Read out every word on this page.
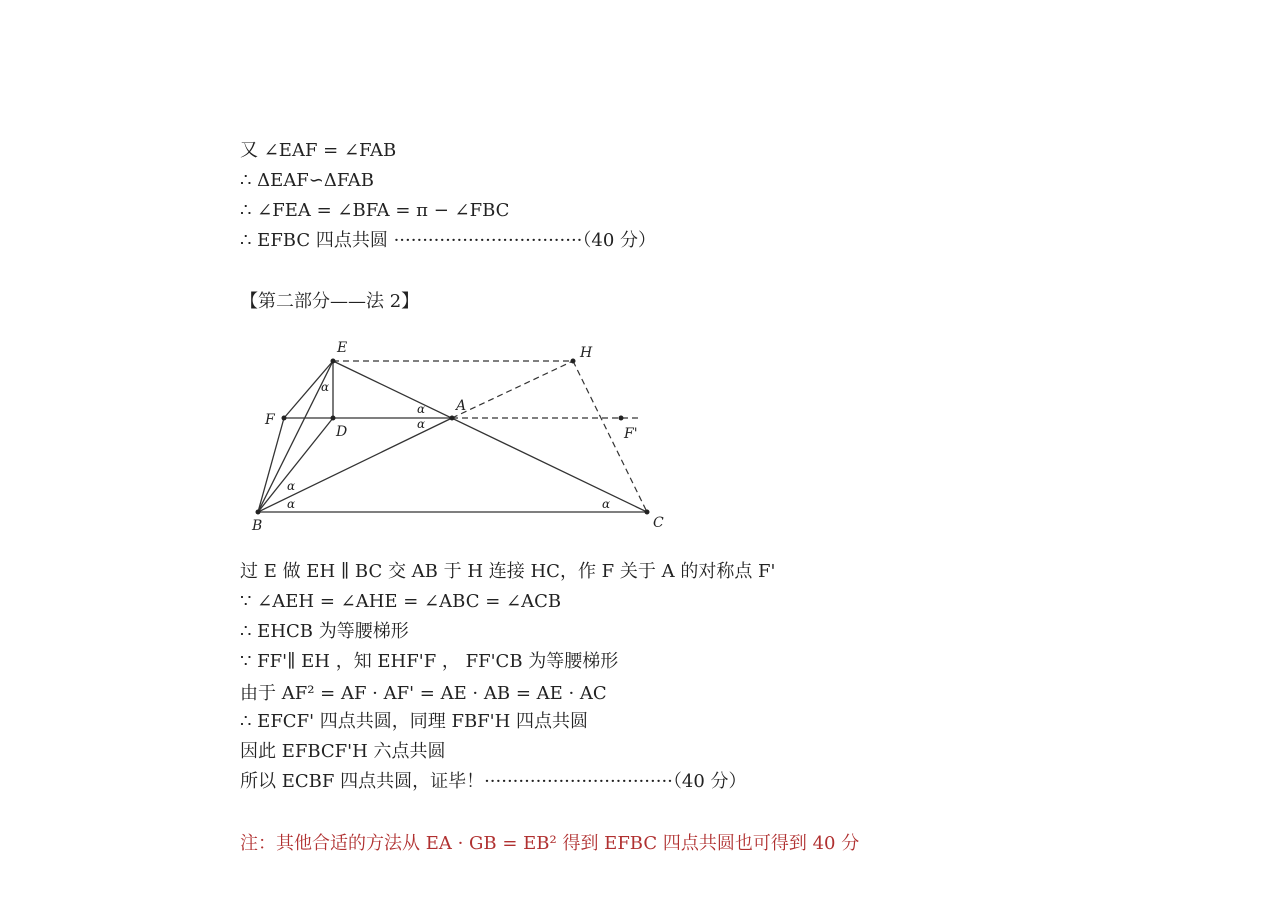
又 ∠EAF = ∠FAB
∴ ΔEAF∽ΔFAB
∴ ∠FEA = ∠BFA = π − ∠FBC
∴ EFBC 四点共圆 ·································（40 分）
【第二部分——法 2】
E	H
F
D
A
F'
B	C
α
α
α
α
α	α
过 E 做 EH ∥ BC 交 AB 于 H 连接 HC，作 F 关于 A 的对称点 F'
∵ ∠AEH = ∠AHE = ∠ABC = ∠ACB
∴ EHCB 为等腰梯形
∵ FF'∥ EH ，知 EHF'F ， FF'CB 为等腰梯形
由于 AF² = AF · AF' = AE · AB = AE · AC
∴ EFCF' 四点共圆，同理 FBF'H 四点共圆
因此 EFBCF'H 六点共圆
所以 ECBF 四点共圆，证毕！·································（40 分）
注：其他合适的方法从 EA · GB = EB² 得到 EFBC 四点共圆也可得到 40 分
